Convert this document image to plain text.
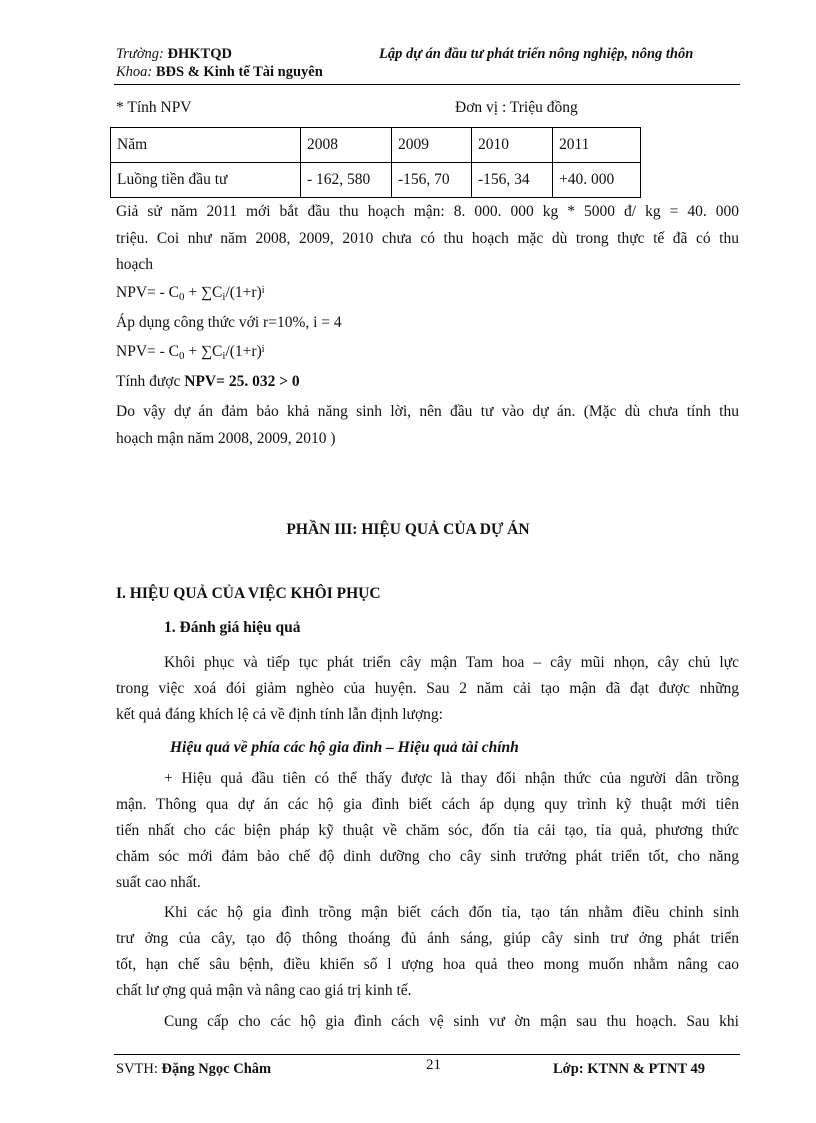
Trường: ĐHKTQD	Lập dự án đầu tư phát triển nông nghiệp, nông thôn
Khoa: BĐS & Kinh tế Tài nguyên
* Tính NPV	Đơn vị : Triệu đồng
Năm	2008	2009	2010	2011
Luồng tiền đầu tư	- 162, 580	-156, 70	-156, 34	+40. 000
Giả sử năm 2011 mới bắt đầu thu hoạch mận: 8. 000. 000 kg * 5000 đ/ kg = 40. 000
triệu. Coi như năm 2008, 2009, 2010 chưa có thu hoạch mặc dù trong thực tế đã có thu
hoạch
$NPV= - C_0 + \sum C_i/(1+r)^i$
Áp dụng công thức với r=10%, i = 4
$NPV= - C_0 + \sum C_i/(1+r)^i$
Tính được NPV= 25. 032 > 0
Do vậy dự án đảm bảo khả năng sinh lời, nên đầu tư vào dự án. (Mặc dù chưa tính thu
hoạch mận năm 2008, 2009, 2010 )
PHẦN III: HIỆU QUẢ CỦA DỰ ÁN
I. HIỆU QUẢ CỦA VIỆC KHÔI PHỤC
1. Đánh giá hiệu quả
Khôi phục và tiếp tục phát triển cây mận Tam hoa – cây mũi nhọn, cây chủ lực
trong việc xoá đói giảm nghèo của huyện. Sau 2 năm cải tạo mận đã đạt được những
kết quả đáng khích lệ cả về định tính lẫn định lượng:
Hiệu quả về phía các hộ gia đình – Hiệu quả tài chính
+ Hiệu quả đầu tiên có thể thấy được là thay đổi nhận thức của người dân trồng
mận. Thông qua dự án các hộ gia đình biết cách áp dụng quy trình kỹ thuật mới tiên
tiến nhất cho các biện pháp kỹ thuật về chăm sóc, đốn tỉa cải tạo, tỉa quả, phương thức
chăm sóc mới đảm bảo chế độ dinh dưỡng cho cây sinh trưởng phát triển tốt, cho năng
suất cao nhất.
Khi các hộ gia đình trồng mận biết cách đốn tỉa, tạo tán nhằm điều chỉnh sinh
trư ởng của cây, tạo độ thông thoáng đủ ánh sáng, giúp cây sinh trư ởng phát triển
tốt, hạn chế sâu bệnh, điều khiển số l ượng hoa quả theo mong muốn nhằm nâng cao
chất lư ợng quả mận và nâng cao giá trị kinh tế.
Cung cấp cho các hộ gia đình cách vệ sinh vư ờn mận sau thu hoạch. Sau khi
SVTH: Đặng Ngọc Châm	21	Lớp: KTNN & PTNT 49
